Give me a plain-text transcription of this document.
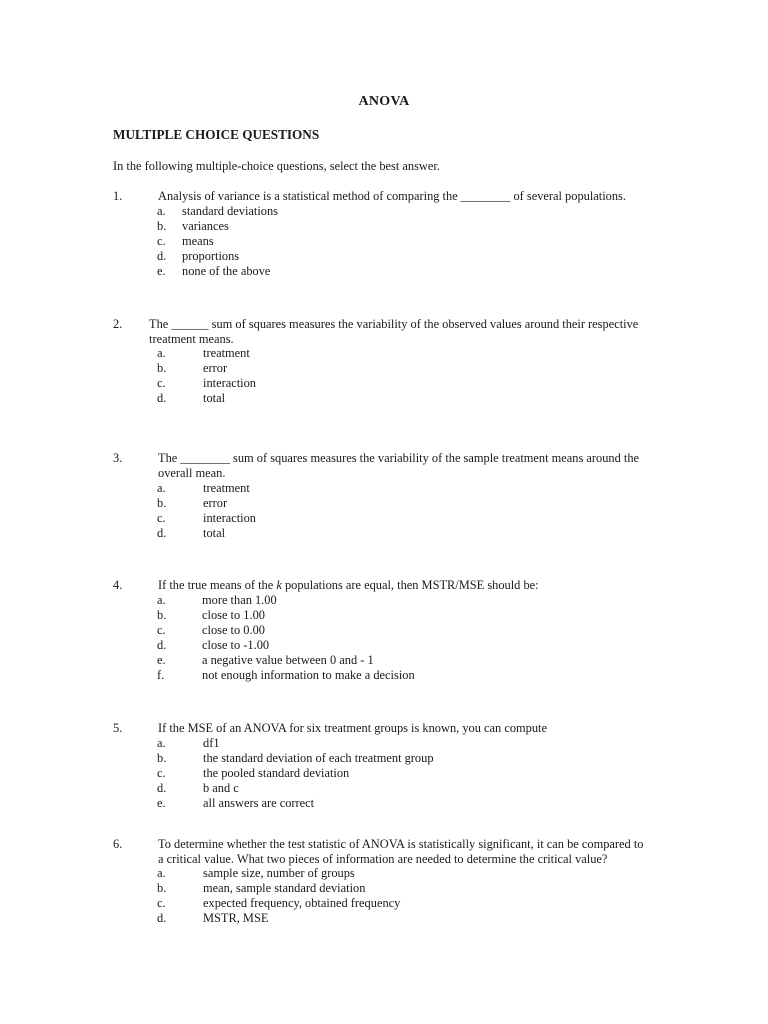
ANOVA
MULTIPLE CHOICE QUESTIONS
In the following multiple-choice questions, select the best answer.
1.	Analysis of variance is a statistical method of comparing the ________ of several populations.
a. standard deviations
b. variances
c. means
d. proportions
e. none of the above
2. The ______ sum of squares measures the variability of the observed values around their respective
treatment means.
a.	treatment
b.	error
c.	interaction
d.	total
3.	The ________ sum of squares measures the variability of the sample treatment means around the
overall mean.
a.	treatment
b.	error
c.	interaction
d.	total
4.	If the true means of the k populations are equal, then MSTR/MSE should be:
a.	more than 1.00
b.	close to 1.00
c.	close to 0.00
d.	close to -1.00
e.	a negative value between 0 and - 1
f.	not enough information to make a decision
5.	If the MSE of an ANOVA for six treatment groups is known, you can compute
a.	df1
b.	the standard deviation of each treatment group
c.	the pooled standard deviation
d.	b and c
e.	all answers are correct
6.	To determine whether the test statistic of ANOVA is statistically significant, it can be compared to
a critical value. What two pieces of information are needed to determine the critical value?
a.	sample size, number of groups
b.	mean, sample standard deviation
c.	expected frequency, obtained frequency
d.	MSTR, MSE
